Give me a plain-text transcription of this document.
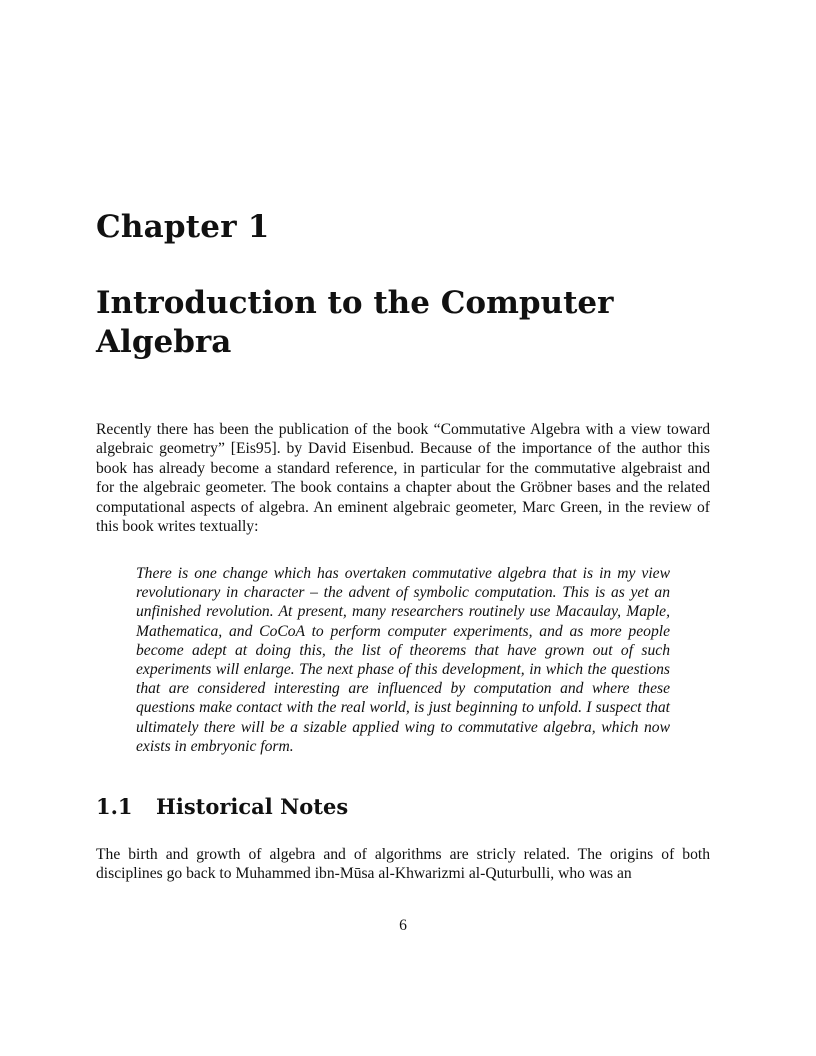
Chapter 1
Introduction to the Computer Algebra

Recently there has been the publication of the book “Commutative Algebra with a view toward algebraic geometry” [Eis95]. by David Eisenbud. Because of the importance of the author this book has already become a standard reference, in particular for the commutative algebraist and for the algebraic geometer. The book contains a chapter about the Gröbner bases and the related computational aspects of algebra. An eminent algebraic geometer, Marc Green, in the review of this book writes textually:

There is one change which has overtaken commutative algebra that is in my view revolutionary in character – the advent of symbolic computation. This is as yet an unfinished revolution. At present, many researchers routinely use Macaulay, Maple, Mathematica, and CoCoA to perform computer experiments, and as more people become adept at doing this, the list of theorems that have grown out of such experiments will enlarge. The next phase of this development, in which the questions that are considered interesting are influenced by computation and where these questions make contact with the real world, is just beginning to unfold. I suspect that ultimately there will be a sizable applied wing to commutative algebra, which now exists in embryonic form.
1.1 Historical Notes

The birth and growth of algebra and of algorithms are stricly related. The origins of both disciplines go back to Muhammed ibn-Mūsa al-Khwarizmi al-Quturbulli, who was an

6
